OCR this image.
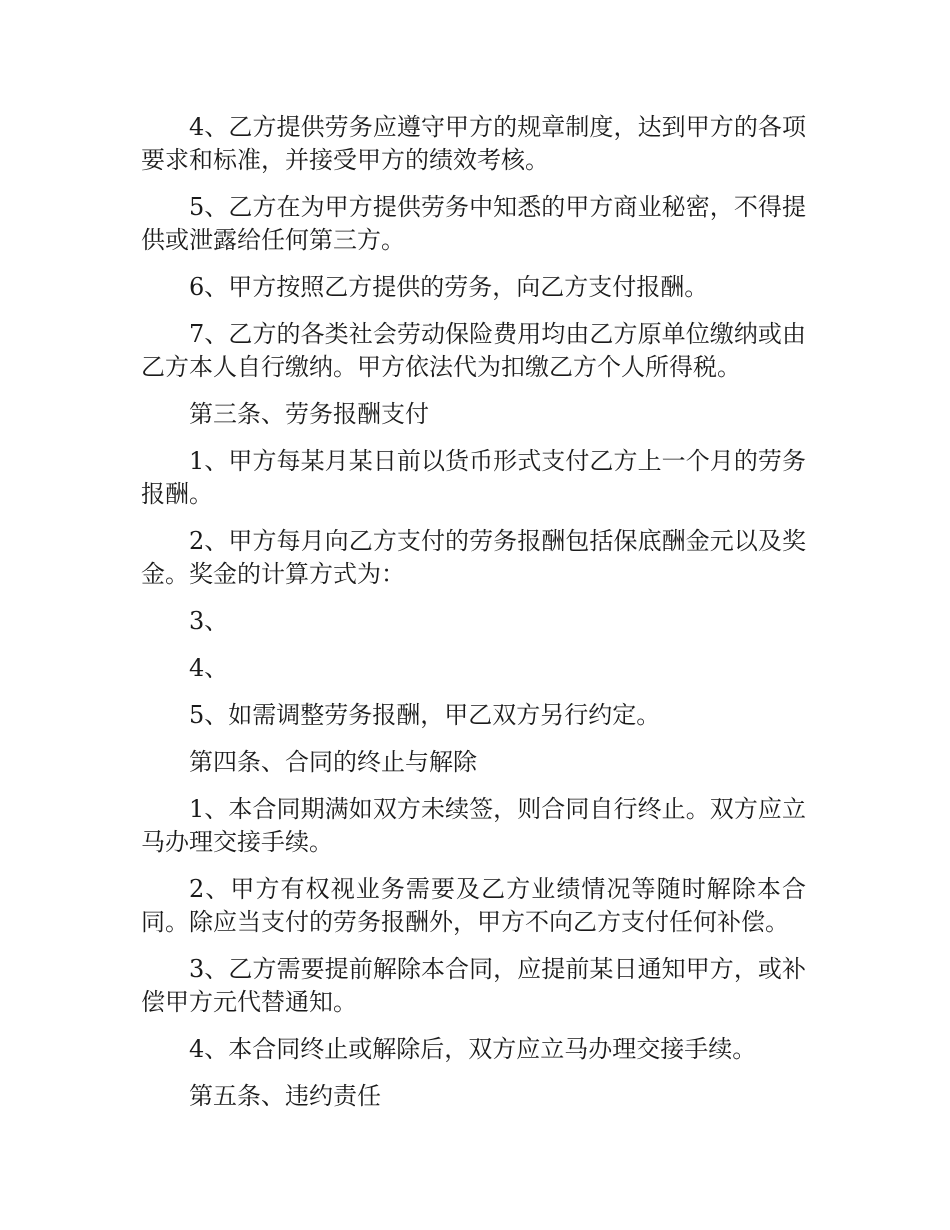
4、乙方提供劳务应遵守甲方的规章制度，达到甲方的各项要求和标准，并接受甲方的绩效考核。

5、乙方在为甲方提供劳务中知悉的甲方商业秘密，不得提供或泄露给任何第三方。

6、甲方按照乙方提供的劳务，向乙方支付报酬。

7、乙方的各类社会劳动保险费用均由乙方原单位缴纳或由乙方本人自行缴纳。甲方依法代为扣缴乙方个人所得税。

第三条、劳务报酬支付

1、甲方每某月某日前以货币形式支付乙方上一个月的劳务报酬。

2、甲方每月向乙方支付的劳务报酬包括保底酬金元以及奖金。奖金的计算方式为：

3、

4、

5、如需调整劳务报酬，甲乙双方另行约定。

第四条、合同的终止与解除

1、本合同期满如双方未续签，则合同自行终止。双方应立马办理交接手续。

2、甲方有权视业务需要及乙方业绩情况等随时解除本合同。除应当支付的劳务报酬外，甲方不向乙方支付任何补偿。

3、乙方需要提前解除本合同，应提前某日通知甲方，或补偿甲方元代替通知。

4、本合同终止或解除后，双方应立马办理交接手续。

第五条、违约责任
